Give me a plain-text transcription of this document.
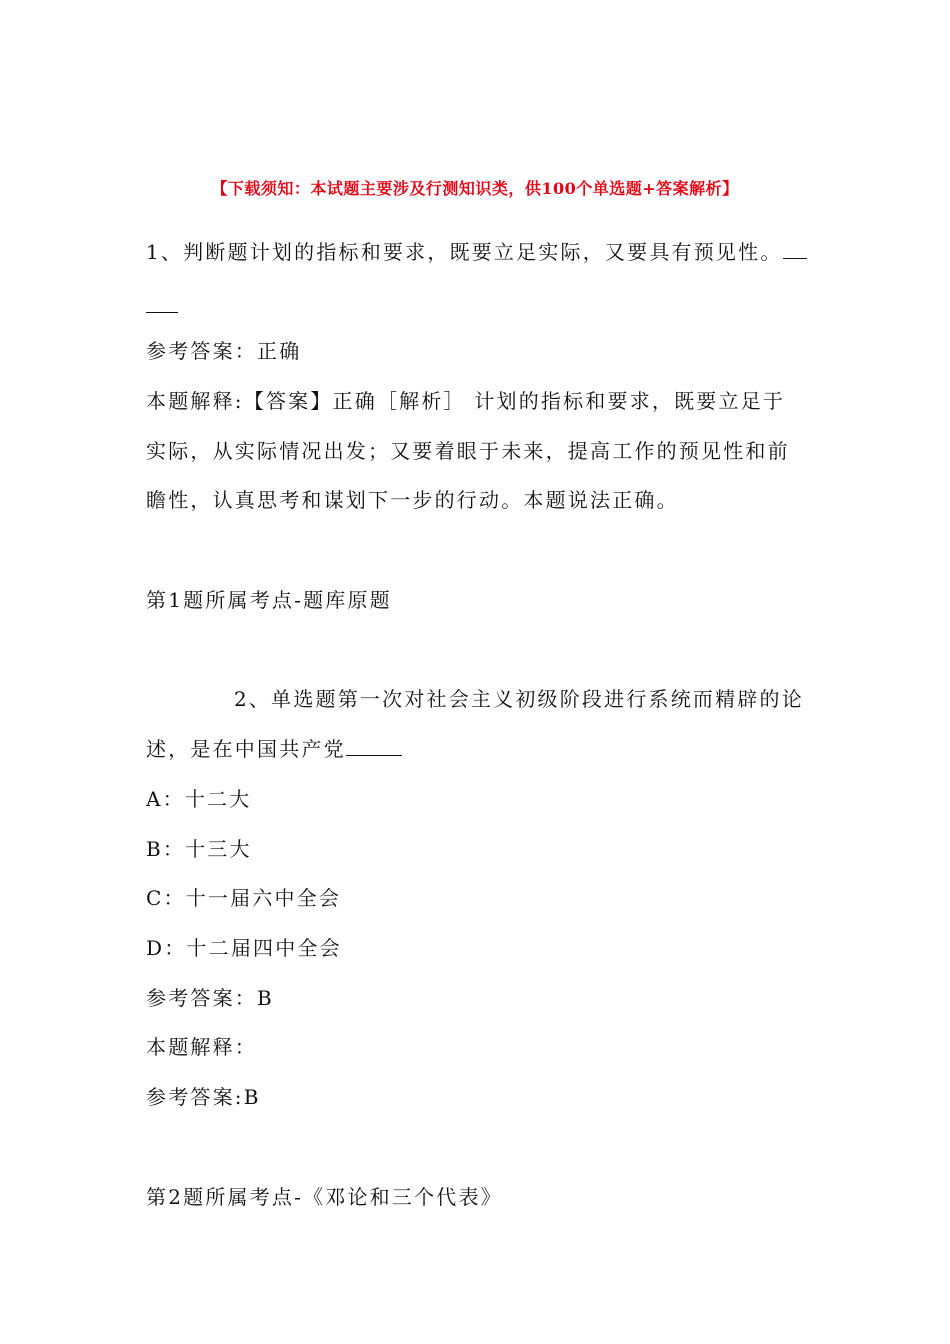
【下载须知：本试题主要涉及行测知识类，供100个单选题+答案解析】
1、判断题计划的指标和要求，既要立足实际，又要具有预见性。
参考答案：正确
本题解释:【答案】正确［解析］ 计划的指标和要求，既要立足于
实际，从实际情况出发；又要着眼于未来，提高工作的预见性和前
瞻性，认真思考和谋划下一步的行动。本题说法正确。
第1题所属考点-题库原题
2、单选题第一次对社会主义初级阶段进行系统而精辟的论
述，是在中国共产党
A：十二大
B：十三大
C：十一届六中全会
D：十二届四中全会
参考答案：B
本题解释：
参考答案:B
第2题所属考点-《邓论和三个代表》
